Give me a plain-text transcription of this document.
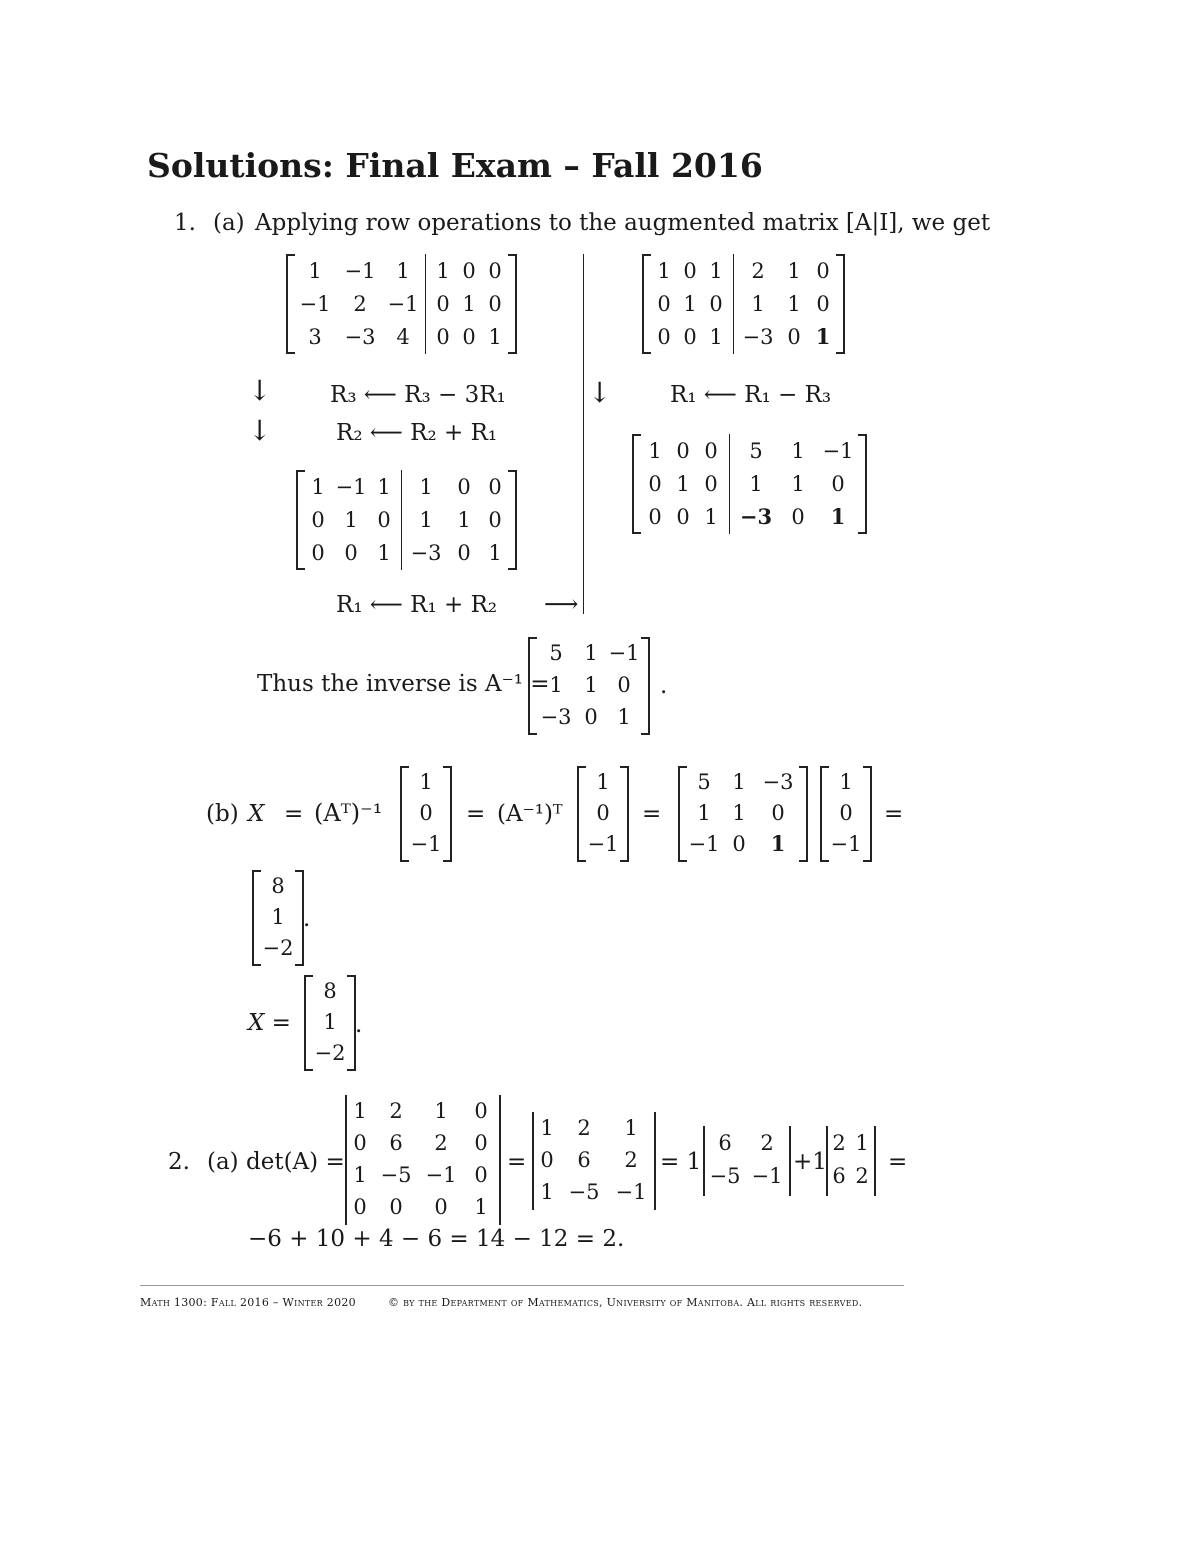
Solutions: Final Exam – Fall 2016
1. (a) Applying row operations to the augmented matrix [A|I], we get
1 −1 1
−1 2 −1
3 −3 4
1 0 0
0 1 0
0 0 1
↓
↓
R₃ ⟵ R₃ − 3R₁
R₂ ⟵ R₂ + R₁
1 −1 1
0 1 0
0 0 1
1 0 0
1 1 0
−3 0 1
R₁ ⟵ R₁ + R₂ ⟶
1 0 1
0 1 0
0 0 1
2 1 0
1 1 0
−3 0 1
↓	R₁ ⟵ R₁ − R₃
1 0 0
0 1 0
0 0 1
5 1 −1
1 1 0
−3 0 1
Thus the inverse is A⁻¹ =
5 1 −1
1 1 0
−3 0 1
.
(b) X = (Aᵀ)⁻¹
1
0
−1
= (A⁻¹)ᵀ
1
0
−1
=
5 1 −3
1 1 0
−1 0 1
1
0
−1
=
8
1
−2
.
X =
8
1
−2
.
2. (a) det(A) =
1 2 1 0
0 6 2 0
1 −5 −1 0
0 0 0 1
=
1 2 1
0 6 2
1 −5 −1
= 1
6 2
−5 −1
+1
2 1
6 2
=
−6 + 10 + 4 − 6 = 14 − 12 = 2.
Math 1300: Fall 2016 – Winter 2020	© by the Department of Mathematics, University of Manitoba. All rights reserved.
